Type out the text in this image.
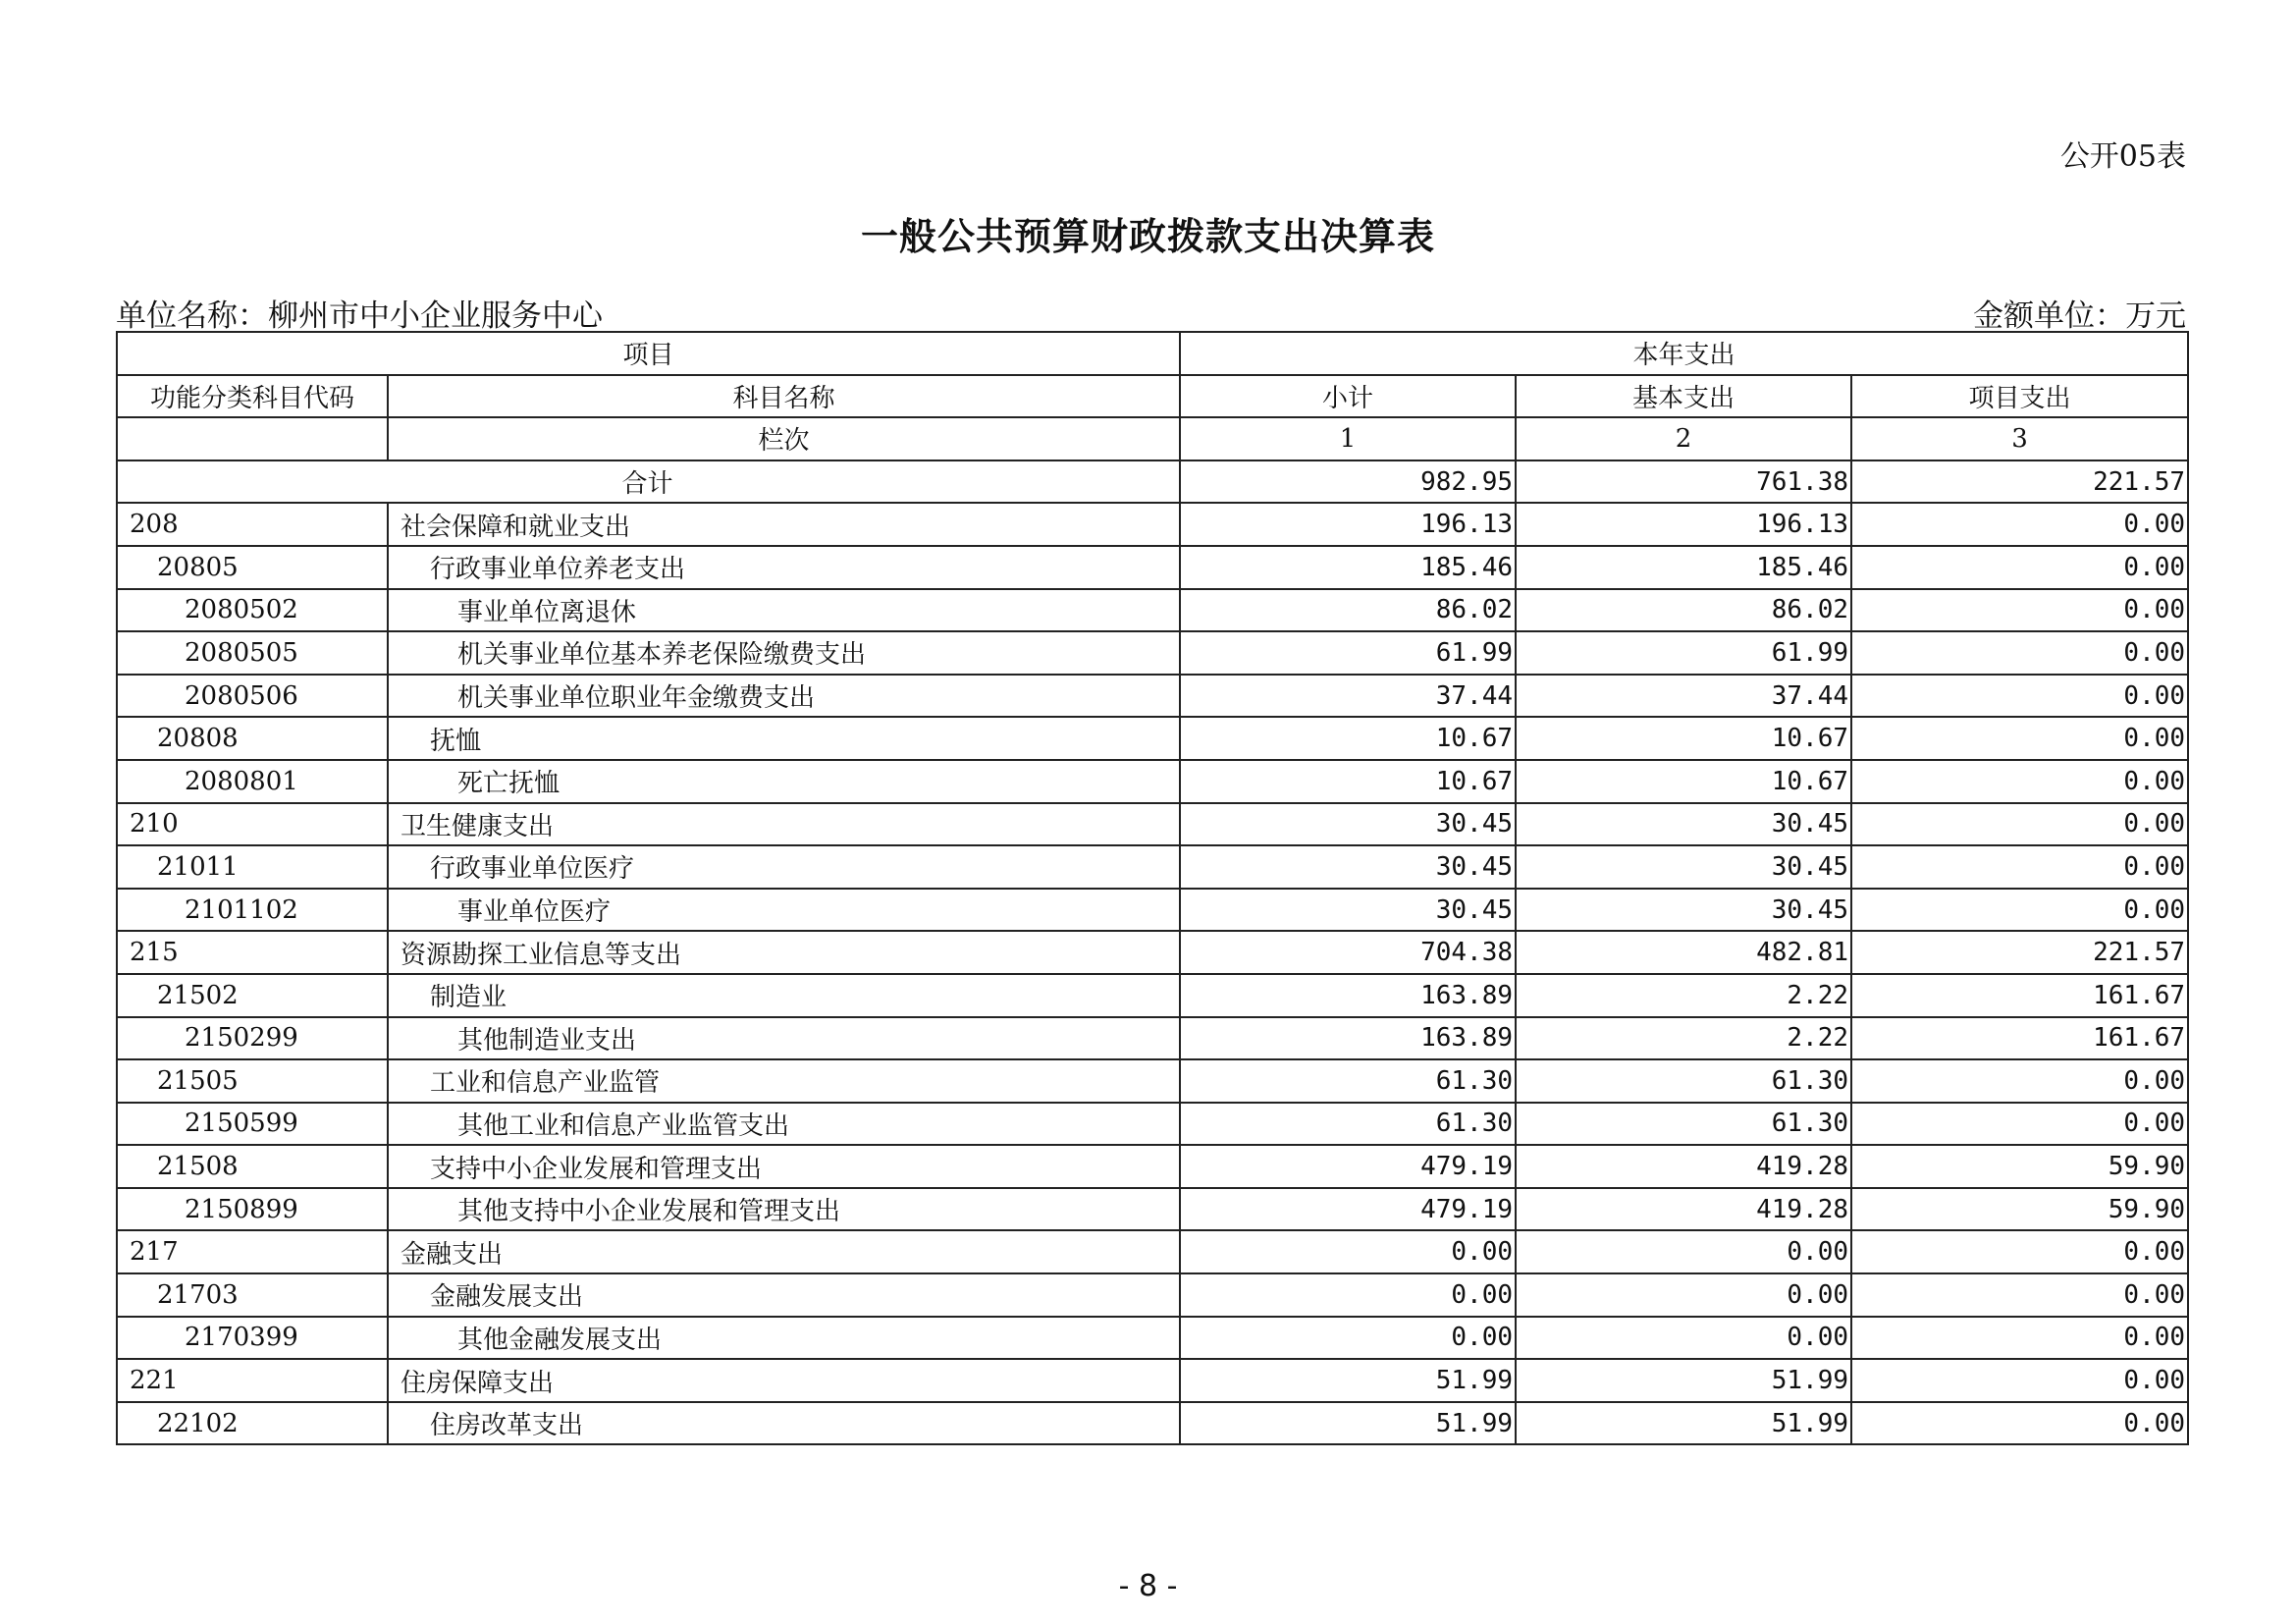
公开05表
一般公共预算财政拨款支出决算表
单位名称：柳州市中小企业服务中心	金额单位：万元
项目		本年支出		
功能分类科目代码	科目名称	小计	基本支出	项目支出
	栏次	1	2	3
合计		982.95	761.38	221.57
208	社会保障和就业支出	196.13	196.13	0.00
20805	行政事业单位养老支出	185.46	185.46	0.00
2080502	事业单位离退休	86.02	86.02	0.00
2080505	机关事业单位基本养老保险缴费支出	61.99	61.99	0.00
2080506	机关事业单位职业年金缴费支出	37.44	37.44	0.00
20808	抚恤	10.67	10.67	0.00
2080801	死亡抚恤	10.67	10.67	0.00
210	卫生健康支出	30.45	30.45	0.00
21011	行政事业单位医疗	30.45	30.45	0.00
2101102	事业单位医疗	30.45	30.45	0.00
215	资源勘探工业信息等支出	704.38	482.81	221.57
21502	制造业	163.89	2.22	161.67
2150299	其他制造业支出	163.89	2.22	161.67
21505	工业和信息产业监管	61.30	61.30	0.00
2150599	其他工业和信息产业监管支出	61.30	61.30	0.00
21508	支持中小企业发展和管理支出	479.19	419.28	59.90
2150899	其他支持中小企业发展和管理支出	479.19	419.28	59.90
217	金融支出	0.00	0.00	0.00
21703	金融发展支出	0.00	0.00	0.00
2170399	其他金融发展支出	0.00	0.00	0.00
221	住房保障支出	51.99	51.99	0.00
22102	住房改革支出	51.99	51.99	0.00
- 8 -
